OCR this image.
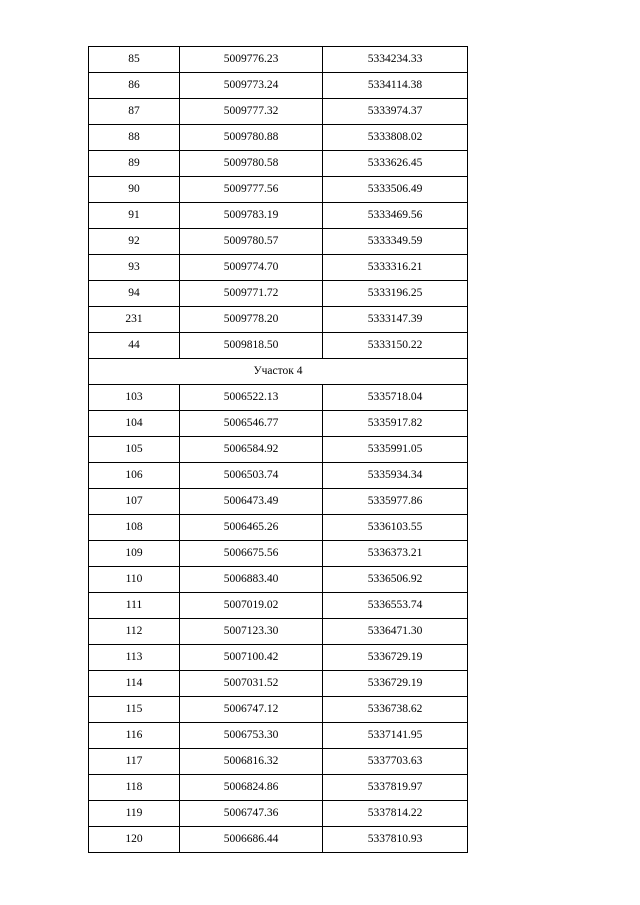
85	5009776.23	5334234.33
86	5009773.24	5334114.38
87	5009777.32	5333974.37
88	5009780.88	5333808.02
89	5009780.58	5333626.45
90	5009777.56	5333506.49
91	5009783.19	5333469.56
92	5009780.57	5333349.59
93	5009774.70	5333316.21
94	5009771.72	5333196.25
231	5009778.20	5333147.39
44	5009818.50	5333150.22
Участок 4		
103	5006522.13	5335718.04
104	5006546.77	5335917.82
105	5006584.92	5335991.05
106	5006503.74	5335934.34
107	5006473.49	5335977.86
108	5006465.26	5336103.55
109	5006675.56	5336373.21
110	5006883.40	5336506.92
111	5007019.02	5336553.74
112	5007123.30	5336471.30
113	5007100.42	5336729.19
114	5007031.52	5336729.19
115	5006747.12	5336738.62
116	5006753.30	5337141.95
117	5006816.32	5337703.63
118	5006824.86	5337819.97
119	5006747.36	5337814.22
120	5006686.44	5337810.93
